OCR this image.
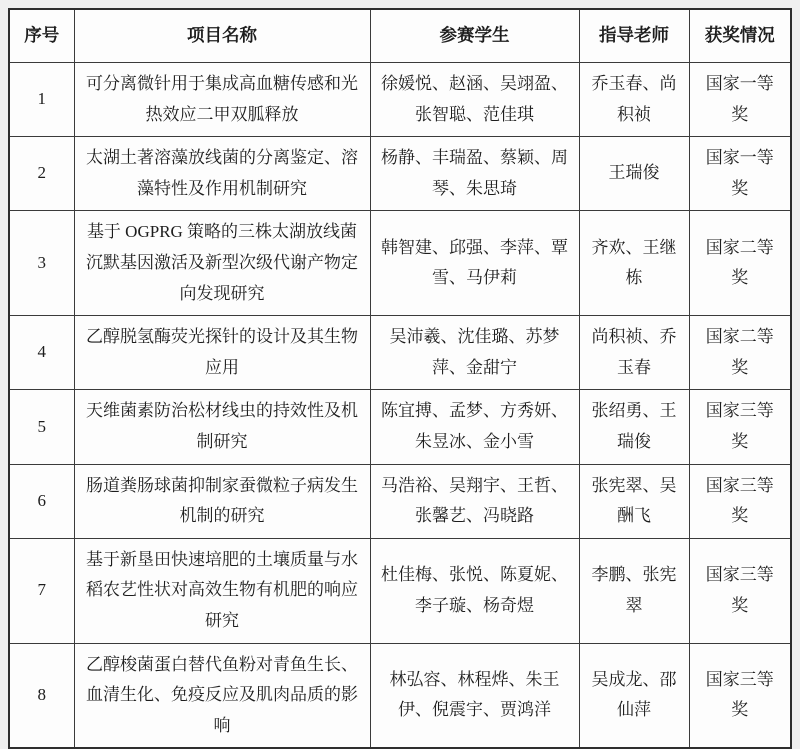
序号	项目名称	参赛学生	指导老师	获奖情况
1	可分离微针用于集成高血糖传感和光热效应二甲双胍释放	徐媛悦、赵涵、吴翊盈、张智聪、范佳琪	乔玉春、尚积祯	国家一等奖
2	太湖土著溶藻放线菌的分离鉴定、溶藻特性及作用机制研究	杨静、丰瑞盈、蔡颖、周琴、朱思琦	王瑞俊	国家一等奖
3	基于 OGPRG 策略的三株太湖放线菌沉默基因激活及新型次级代谢产物定向发现研究	韩智建、邱强、李萍、覃雪、马伊莉	齐欢、王继栋	国家二等奖
4	乙醇脱氢酶荧光探针的设计及其生物应用	吴沛羲、沈佳璐、苏梦萍、金甜宁	尚积祯、乔玉春	国家二等奖
5	天维菌素防治松材线虫的持效性及机制研究	陈宜搏、孟梦、方秀妍、朱昱冰、金小雪	张绍勇、王瑞俊	国家三等奖
6	肠道粪肠球菌抑制家蚕微粒子病发生机制的研究	马浩裕、吴翔宇、王哲、张馨艺、冯晓路	张宪翠、吴酬飞	国家三等奖
7	基于新垦田快速培肥的土壤质量与水稻农艺性状对高效生物有机肥的响应研究	杜佳梅、张悦、陈夏妮、李子璇、杨奇煜	李鹏、张宪翠	国家三等奖
8	乙醇梭菌蛋白替代鱼粉对青鱼生长、血清生化、免疫反应及肌肉品质的影响	林弘容、林程烨、朱王伊、倪震宇、贾鸿洋	吴成龙、邵仙萍	国家三等奖
